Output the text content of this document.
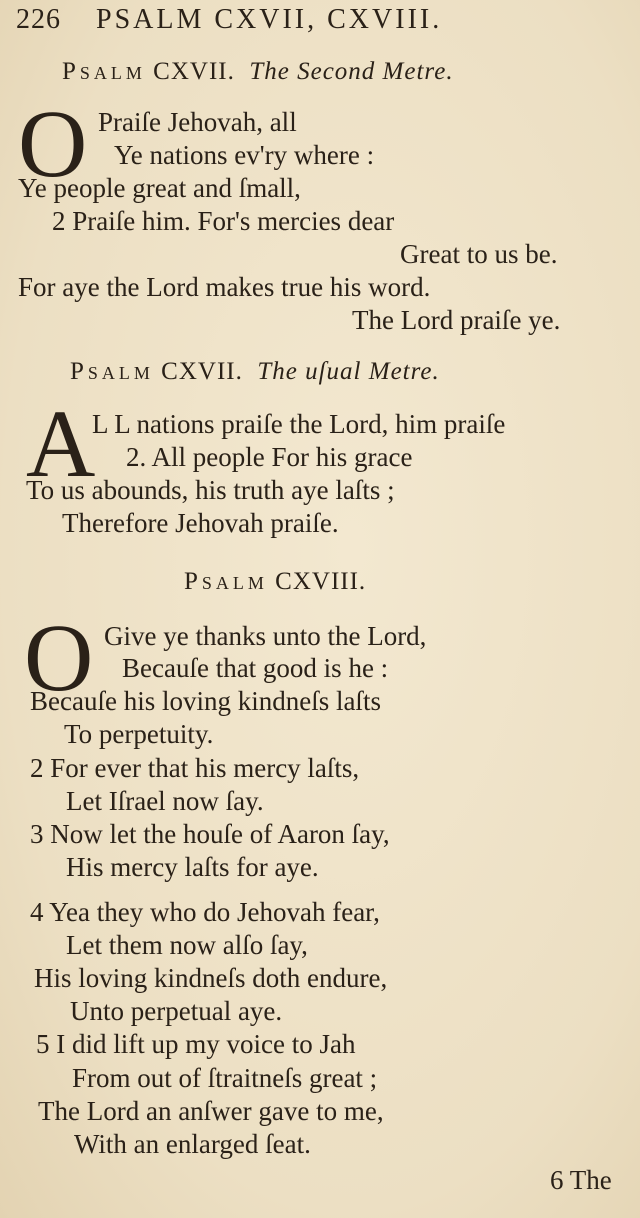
226 PSALM CXVII, CXVIII.
Psalm CXVII. The Second Metre.
O Praiſe Jehovah, all
Ye nations ev'ry where :
Ye people great and ſmall,
2 Praiſe him. For's mercies dear
Great to us be.
For aye the Lord makes true his word.
The Lord praiſe ye.
Psalm CXVII. The uſual Metre.
A
L L nations praiſe the Lord, him praiſe
2. All people For his grace
To us abounds, his truth aye laſts ;
Therefore Jehovah praiſe.
Psalm CXVIII.
O Give ye thanks unto the Lord,
Becauſe that good is he :
Becauſe his loving kindneſs laſts
To perpetuity.
2 For ever that his mercy laſts,
Let Iſrael now ſay.
3 Now let the houſe of Aaron ſay,
His mercy laſts for aye.
4 Yea they who do Jehovah fear,
Let them now alſo ſay,
His loving kindneſs doth endure,
Unto perpetual aye.
5 I did lift up my voice to Jah
From out of ſtraitneſs great ;
The Lord an anſwer gave to me,
With an enlarged ſeat.
6 The
